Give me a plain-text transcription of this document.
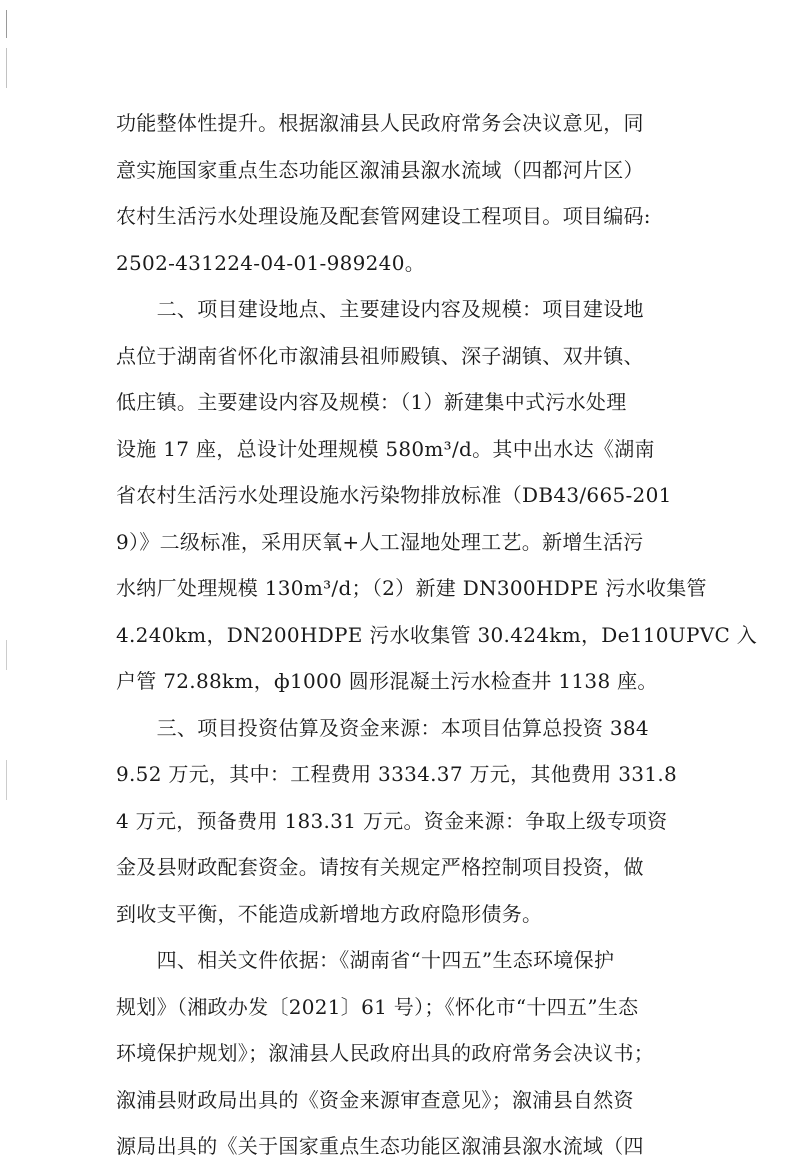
功能整体性提升。根据溆浦县人民政府常务会决议意见，同
意实施国家重点生态功能区溆浦县溆水流域（四都河片区）
农村生活污水处理设施及配套管网建设工程项目。项目编码:
2502-431224-04-01-989240。
　　二、项目建设地点、主要建设内容及规模：项目建设地
点位于湖南省怀化市溆浦县祖师殿镇、深子湖镇、双井镇、
低庄镇。主要建设内容及规模：（1）新建集中式污水处理
设施 17 座，总设计处理规模 580m³/d。其中出水达《湖南
省农村生活污水处理设施水污染物排放标准（DB43/665-201
9）》二级标准，采用厌氧+人工湿地处理工艺。新增生活污
水纳厂处理规模 130m³/d；（2）新建 DN300HDPE 污水收集管
4.240km，DN200HDPE 污水收集管 30.424km，De110UPVC 入
户管 72.88km，ф1000 圆形混凝土污水检查井 1138 座。
　　三、项目投资估算及资金来源：本项目估算总投资 384
9.52 万元，其中：工程费用 3334.37 万元，其他费用 331.8
4 万元，预备费用 183.31 万元。资金来源：争取上级专项资
金及县财政配套资金。请按有关规定严格控制项目投资，做
到收支平衡，不能造成新增地方政府隐形债务。
　　四、相关文件依据：《湖南省“十四五”生态环境保护
规划》（湘政办发〔2021〕61 号）；《怀化市“十四五”生态
环境保护规划》；溆浦县人民政府出具的政府常务会决议书；
溆浦县财政局出具的《资金来源审查意见》；溆浦县自然资
源局出具的《关于国家重点生态功能区溆浦县溆水流域（四
